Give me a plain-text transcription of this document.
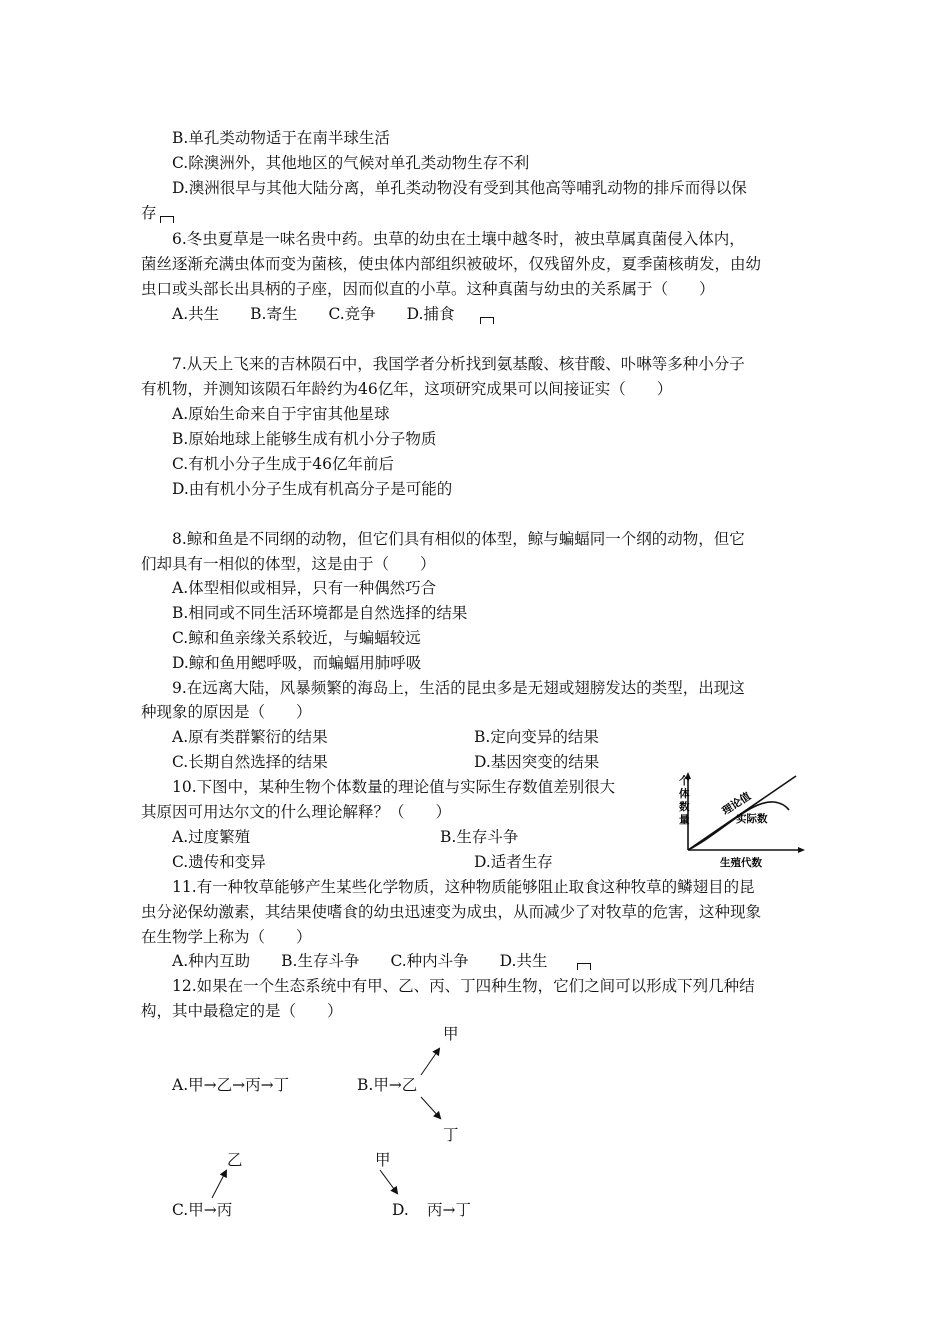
B.单孔类动物适于在南半球生活
C.除澳洲外，其他地区的气候对单孔类动物生存不利
D.澳洲很早与其他大陆分离，单孔类动物没有受到其他高等哺乳动物的排斥而得以保
存
6.冬虫夏草是一味名贵中药。虫草的幼虫在土壤中越冬时，被虫草属真菌侵入体内，
菌丝逐渐充满虫体而变为菌核，使虫体内部组织被破坏，仅残留外皮，夏季菌核萌发，由幼
虫口或头部长出具柄的子座，因而似直的小草。这种真菌与幼虫的关系属于（　　）
A.共生　　B.寄生　　C.竞争　　D.捕食
7.从天上飞来的吉林陨石中，我国学者分析找到氨基酸、核苷酸、卟啉等多种小分子
有机物，并测知该陨石年龄约为46亿年，这项研究成果可以间接证实（　　）
A.原始生命来自于宇宙其他星球
B.原始地球上能够生成有机小分子物质
C.有机小分子生成于46亿年前后
D.由有机小分子生成有机高分子是可能的
8.鲸和鱼是不同纲的动物，但它们具有相似的体型，鲸与蝙蝠同一个纲的动物，但它
们却具有一相似的体型，这是由于（　　）
A.体型相似或相异，只有一种偶然巧合
B.相同或不同生活环境都是自然选择的结果
C.鲸和鱼亲缘关系较近，与蝙蝠较远
D.鲸和鱼用鳃呼吸，而蝙蝠用肺呼吸
9.在远离大陆，风暴频繁的海岛上，生活的昆虫多是无翅或翅膀发达的类型，出现这
种现象的原因是（　　）
A.原有类群繁衍的结果	B.定向变异的结果
C.长期自然选择的结果	D.基因突变的结果
10.下图中，某种生物个体数量的理论值与实际生存数值差别很大
其原因可用达尔文的什么理论解释？（　　）
A.过度繁殖	B.生存斗争
C.遗传和变异	D.适者生存
个
体
数
量
理论值
实际数
生殖代数
11.有一种牧草能够产生某些化学物质，这种物质能够阻止取食这种牧草的鳞翅目的昆
虫分泌保幼激素，其结果使嗜食的幼虫迅速变为成虫，从而减少了对牧草的危害，这种现象
在生物学上称为（　　）
A.种内互助　　B.生存斗争　　C.种内斗争　　D.共生
12.如果在一个生态系统中有甲、乙、丙、丁四种生物，它们之间可以形成下列几种结
构，其中最稳定的是（　　）
A.甲→乙→丙→丁	B.甲→乙
甲
丁
乙
C.甲→丙
甲
D. 丙→丁
